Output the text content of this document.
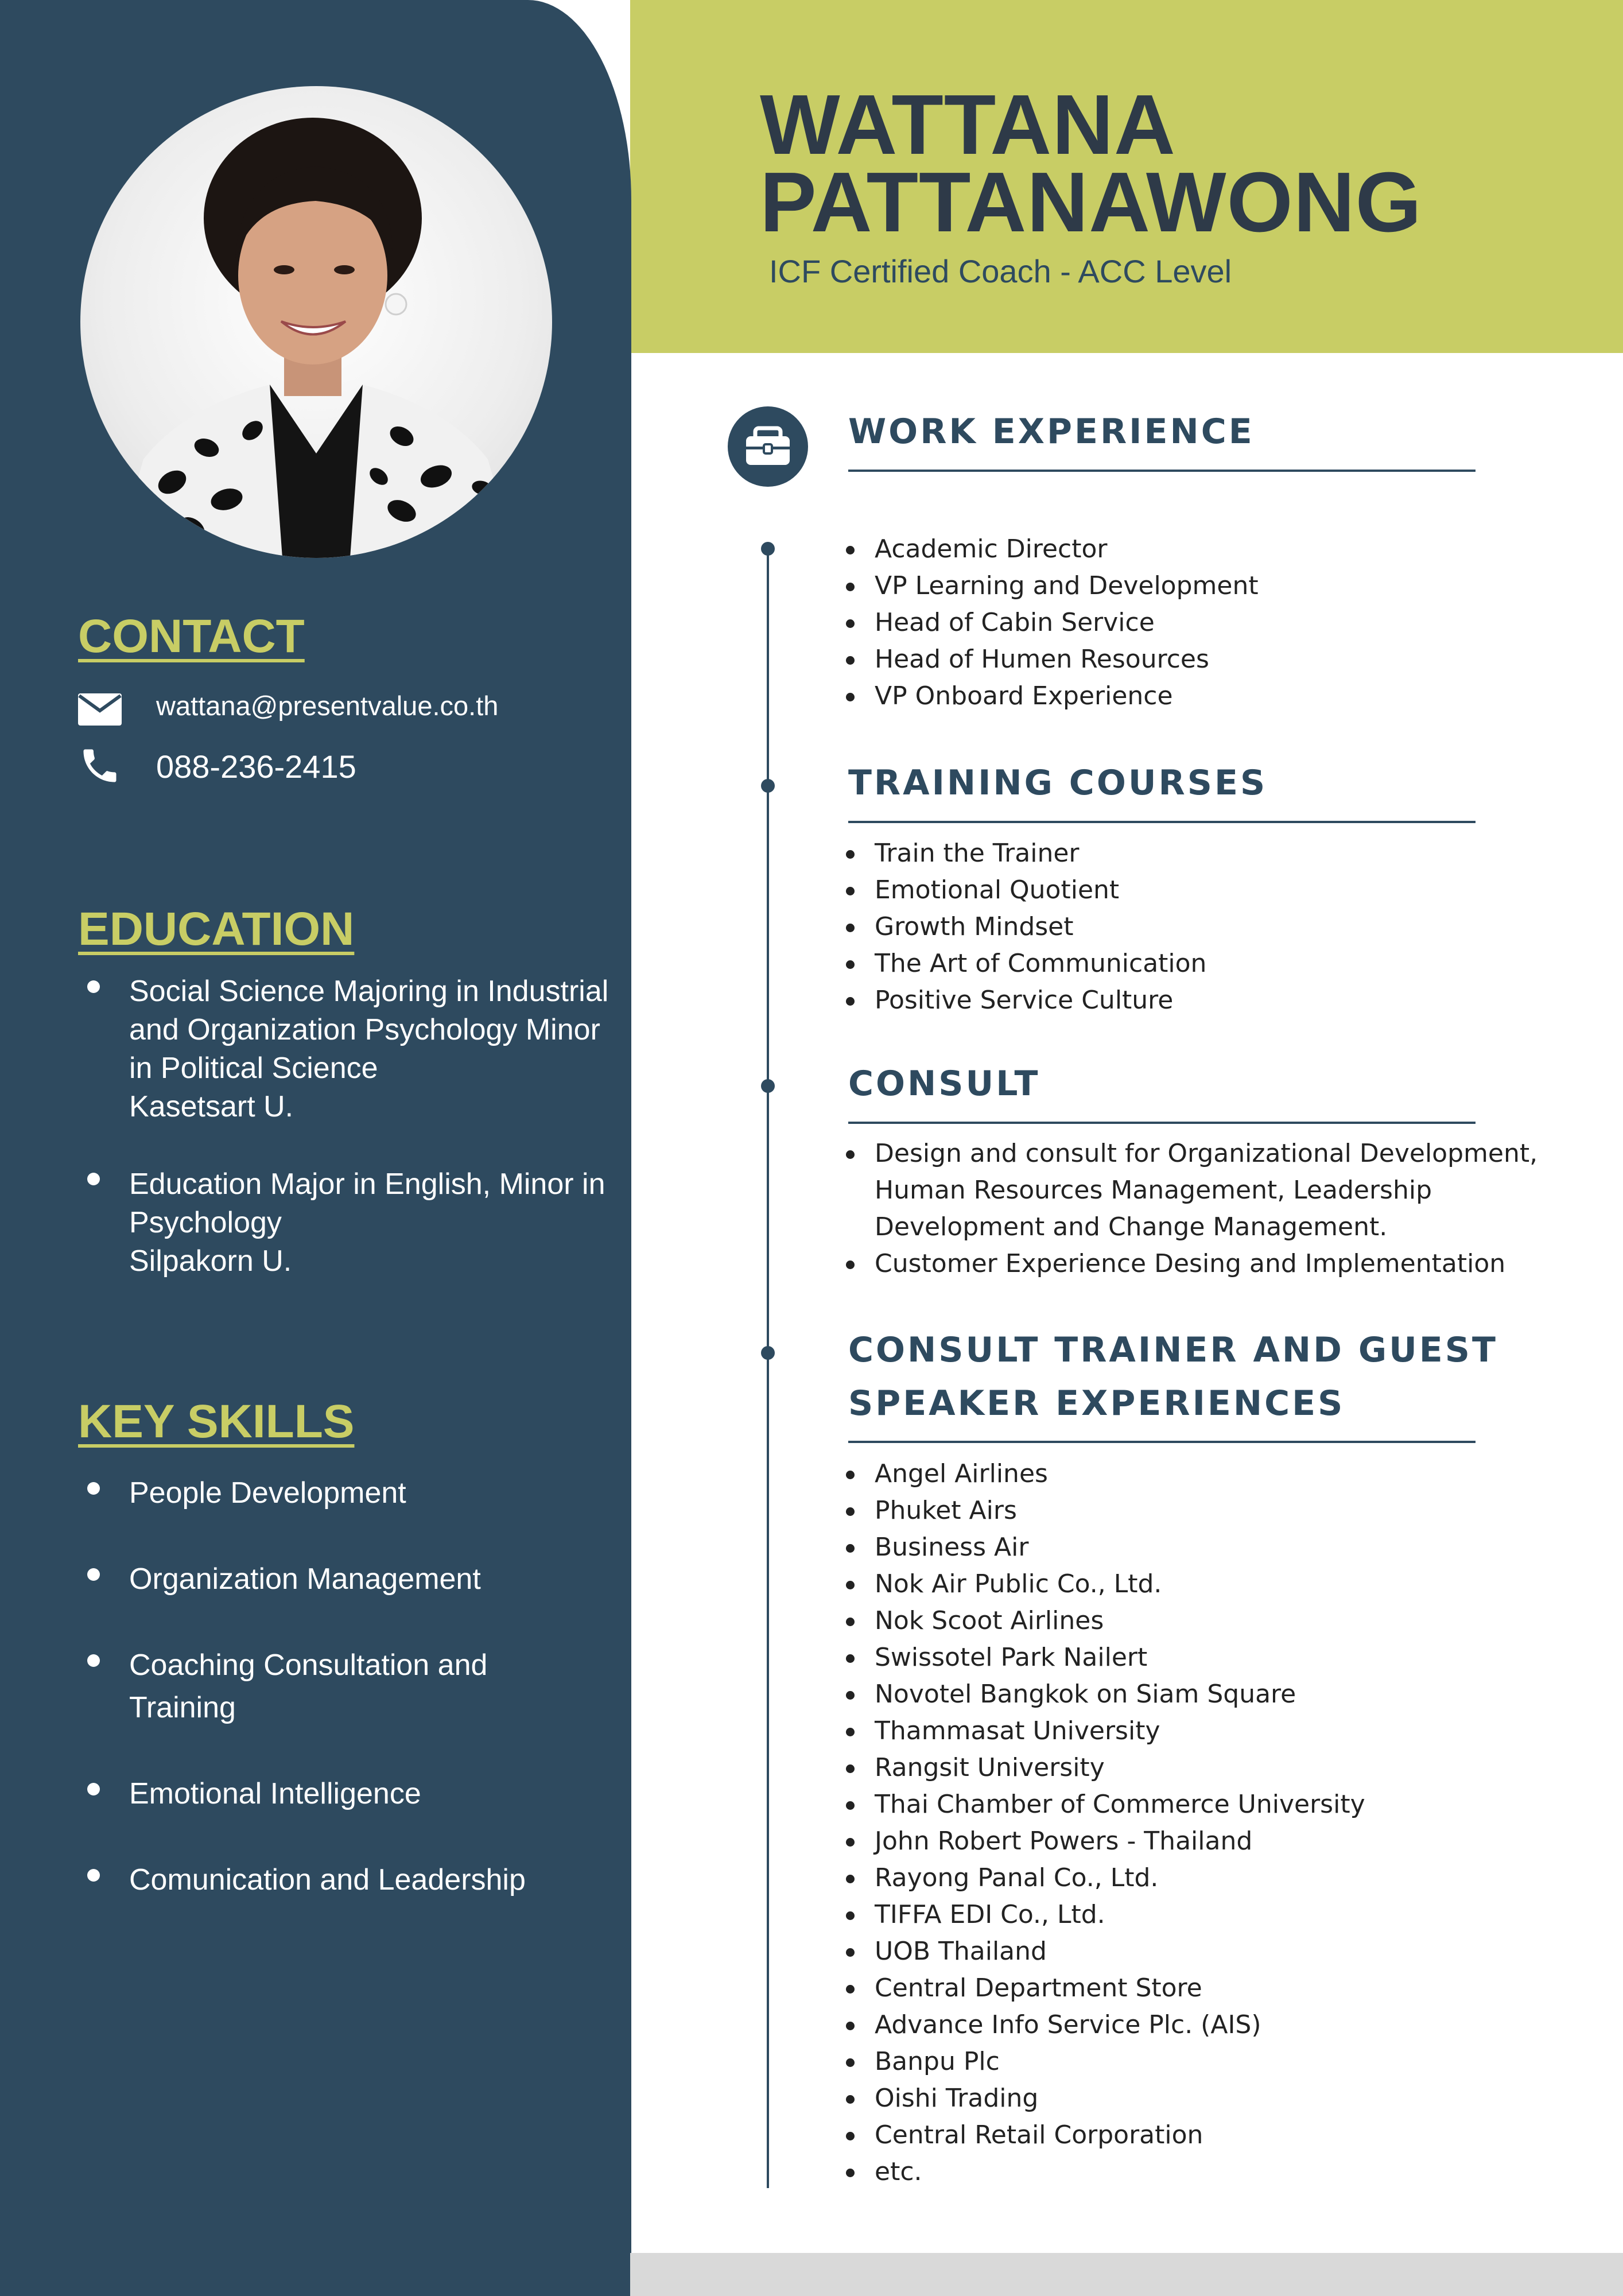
CONTACT
wattana@presentvalue.co.th
088-236-2415
EDUCATION
Social Science Majoring in Industrial
and Organization Psychology Minor
in Political Science
Kasetsart U.
Education Major in English, Minor in
Psychology
Silpakorn U.
KEY SKILLS
People Development
Organization Management
Coaching Consultation and
Training
Emotional Intelligence
Comunication and Leadership
WATTANA
PATTANAWONG
ICF Certified Coach - ACC Level
WORK EXPERIENCE
Academic Director
VP Learning and Development
Head of Cabin Service
Head of Humen Resources
VP Onboard Experience
TRAINING COURSES
Train the Trainer
Emotional Quotient
Growth Mindset
The Art of Communication
Positive Service Culture
CONSULT
Design and consult for Organizational Development, Human Resources Management, Leadership Development and Change Management.
Customer Experience Desing and Implementation
CONSULT TRAINER AND GUEST
SPEAKER EXPERIENCES
Angel Airlines
Phuket Airs
Business Air
Nok Air Public Co., Ltd.
Nok Scoot Airlines
Swissotel Park Nailert
Novotel Bangkok on Siam Square
Thammasat University
Rangsit University
Thai Chamber of Commerce University
John Robert Powers - Thailand
Rayong Panal Co., Ltd.
TIFFA EDI Co., Ltd.
UOB Thailand
Central Department Store
Advance Info Service Plc. (AIS)
Banpu Plc
Oishi Trading
Central Retail Corporation
etc.
